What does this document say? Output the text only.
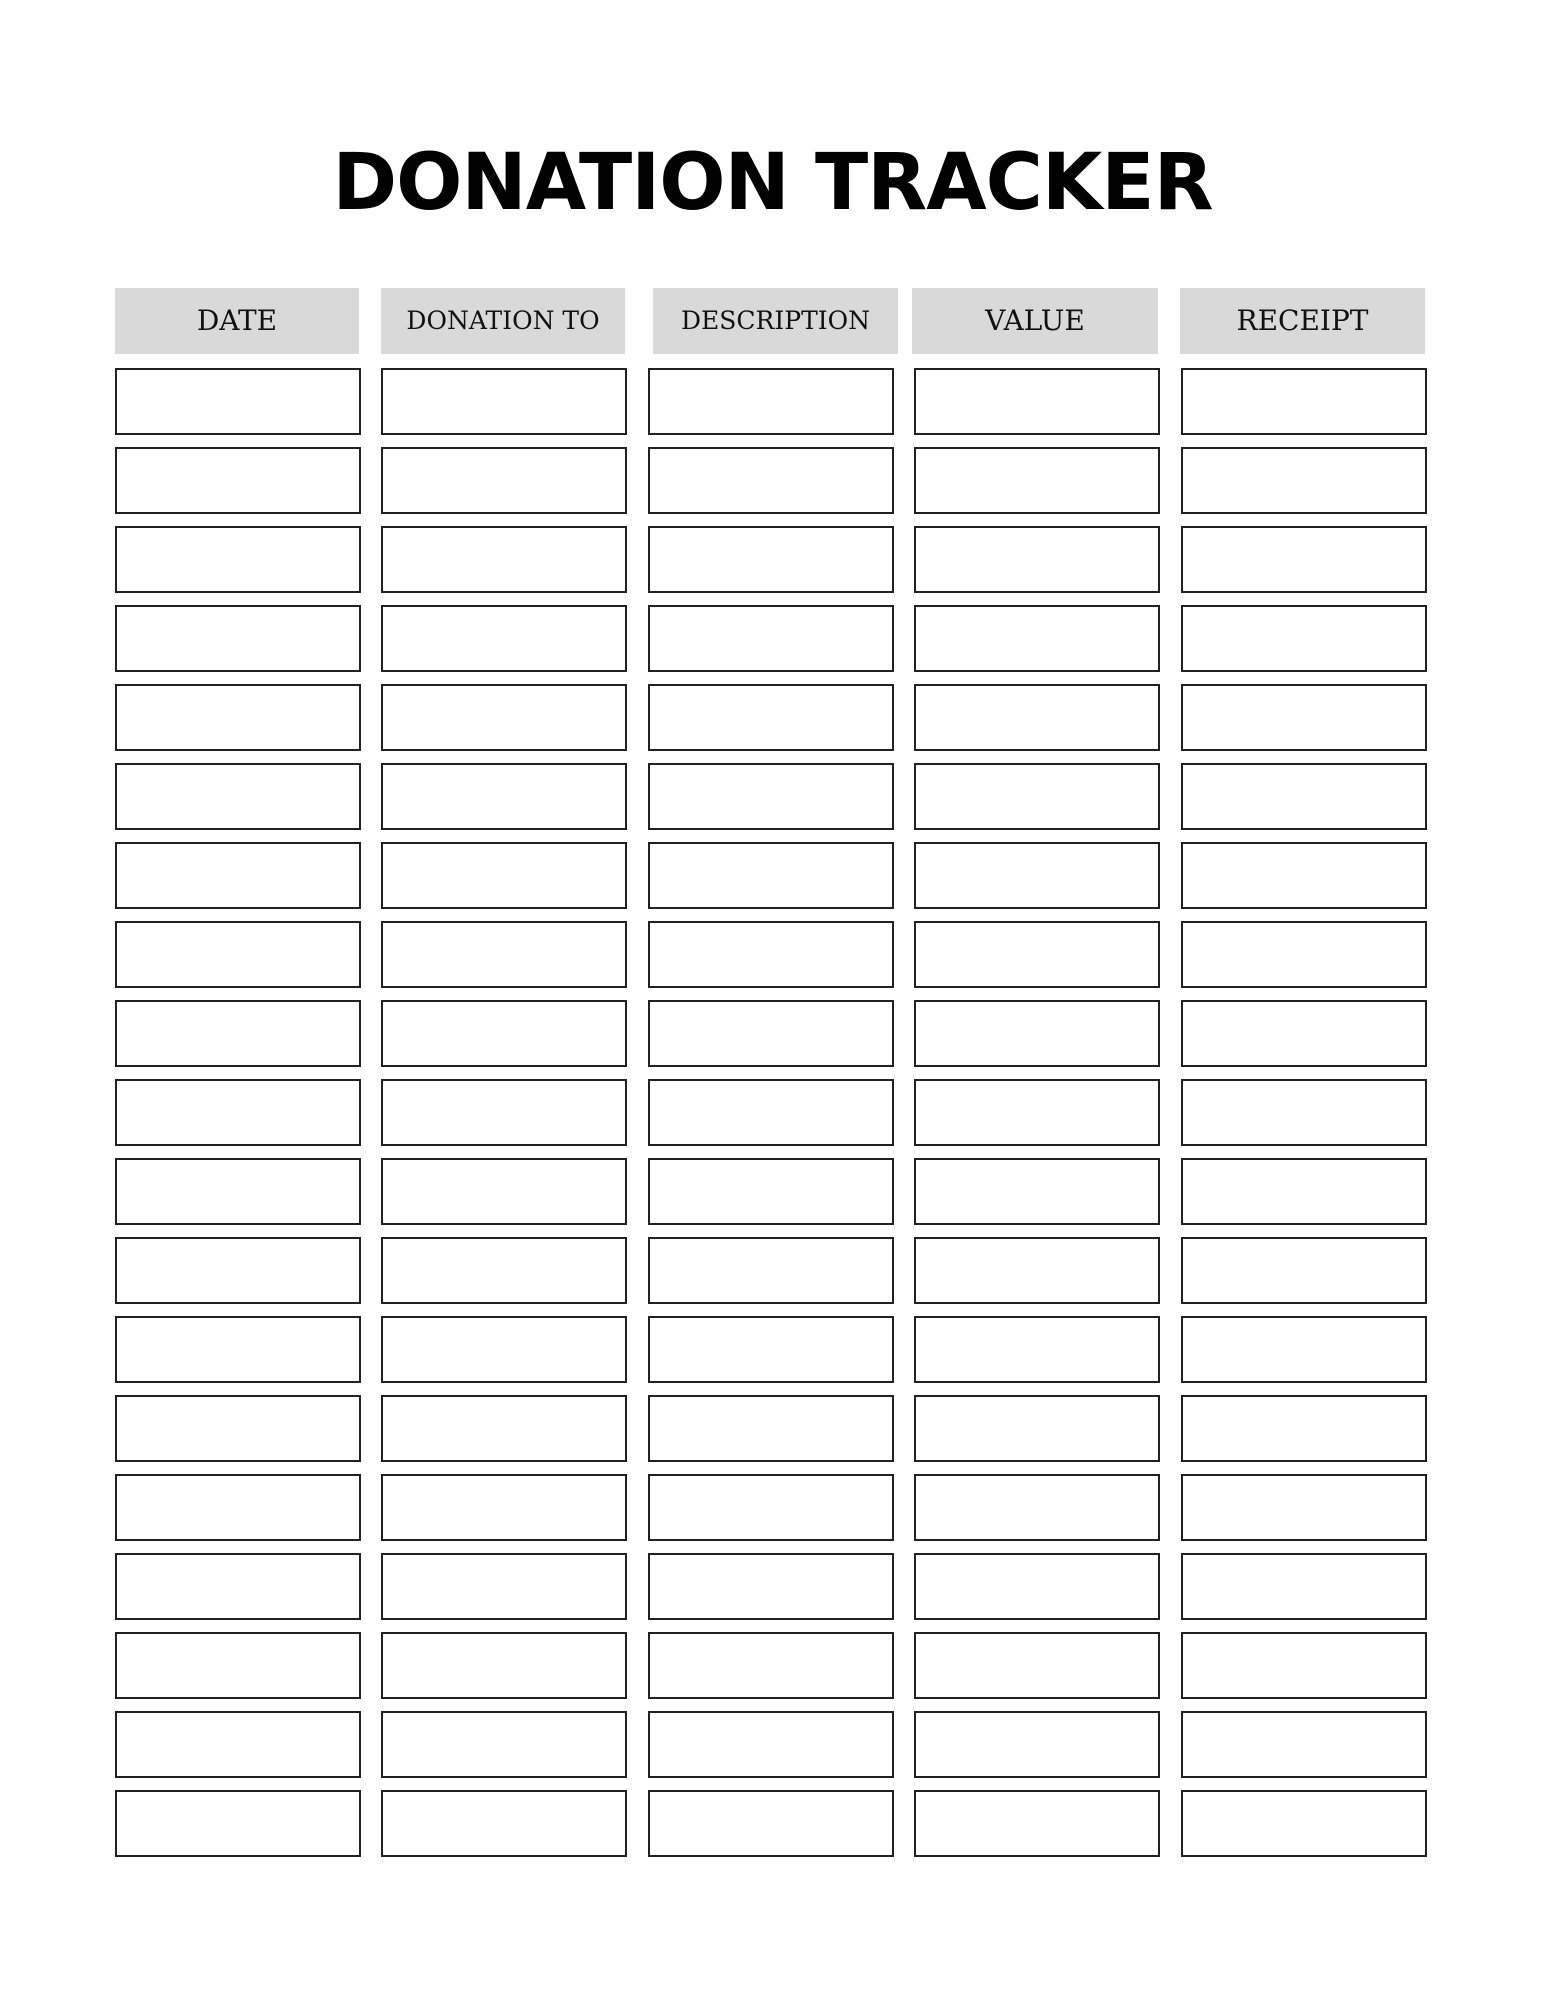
DONATION TRACKER
DATE	DONATION TO	DESCRIPTION	VALUE	RECEIPT
